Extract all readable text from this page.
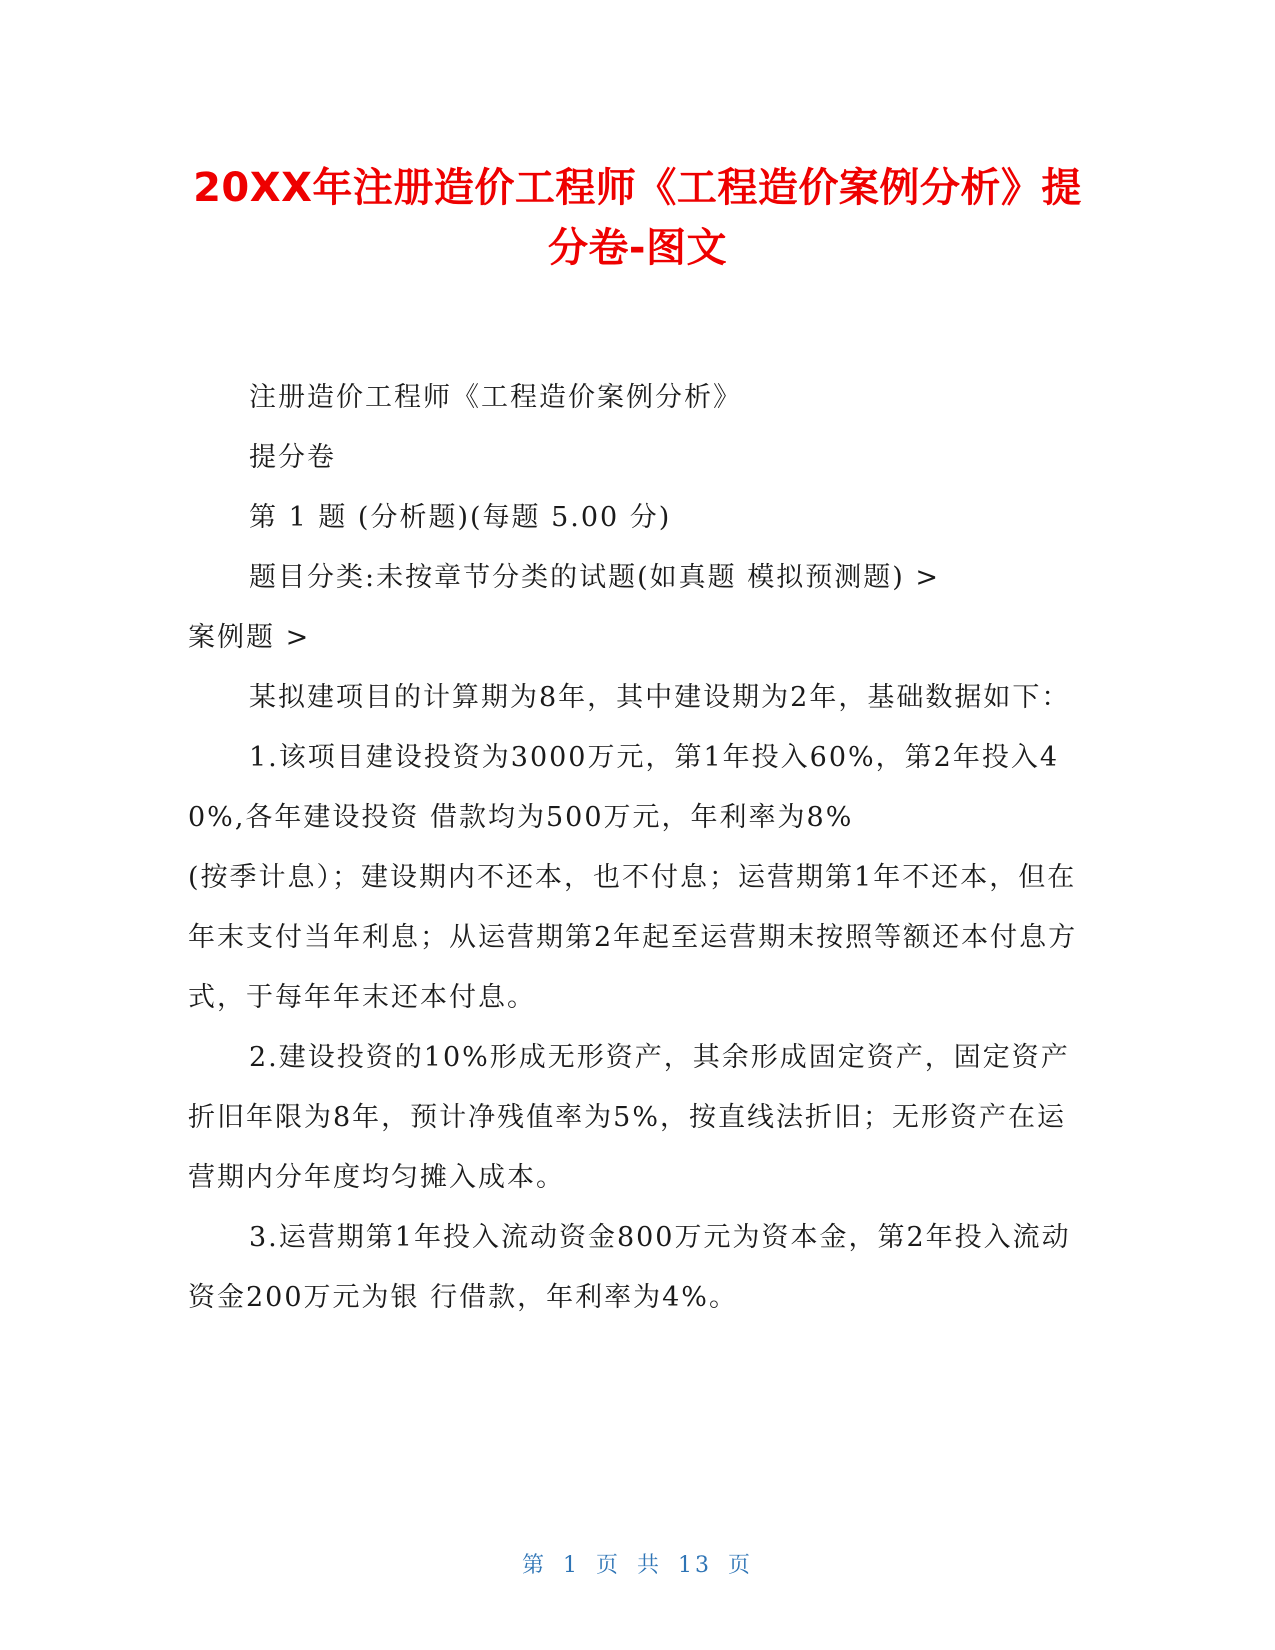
20XX年注册造价工程师《工程造价案例分析》提分卷-图文

注册造价工程师《工程造价案例分析》

提分卷

第 1 题 (分析题)(每题 5.00 分)

题目分类:未按章节分类的试题(如真题 模拟预测题) >

案例题 >

某拟建项目的计算期为8年，其中建设期为2年，基础数据如下：

1.该项目建设投资为3000万元，第1年投入60%，第2年投入40%,各年建设投资 借款均为500万元，年利率为8%

(按季计息）；建设期内不还本，也不付息；运营期第1年不还本，但在年末支付当年利息；从运营期第2年起至运营期末按照等额还本付息方式，于每年年末还本付息。

2.建设投资的10%形成无形资产，其余形成固定资产，固定资产折旧年限为8年，预计净残值率为5%，按直线法折旧；无形资产在运营期内分年度均匀摊入成本。

3.运营期第1年投入流动资金800万元为资本金，第2年投入流动资金200万元为银 行借款，年利率为4%。

第 1 页 共 13 页
